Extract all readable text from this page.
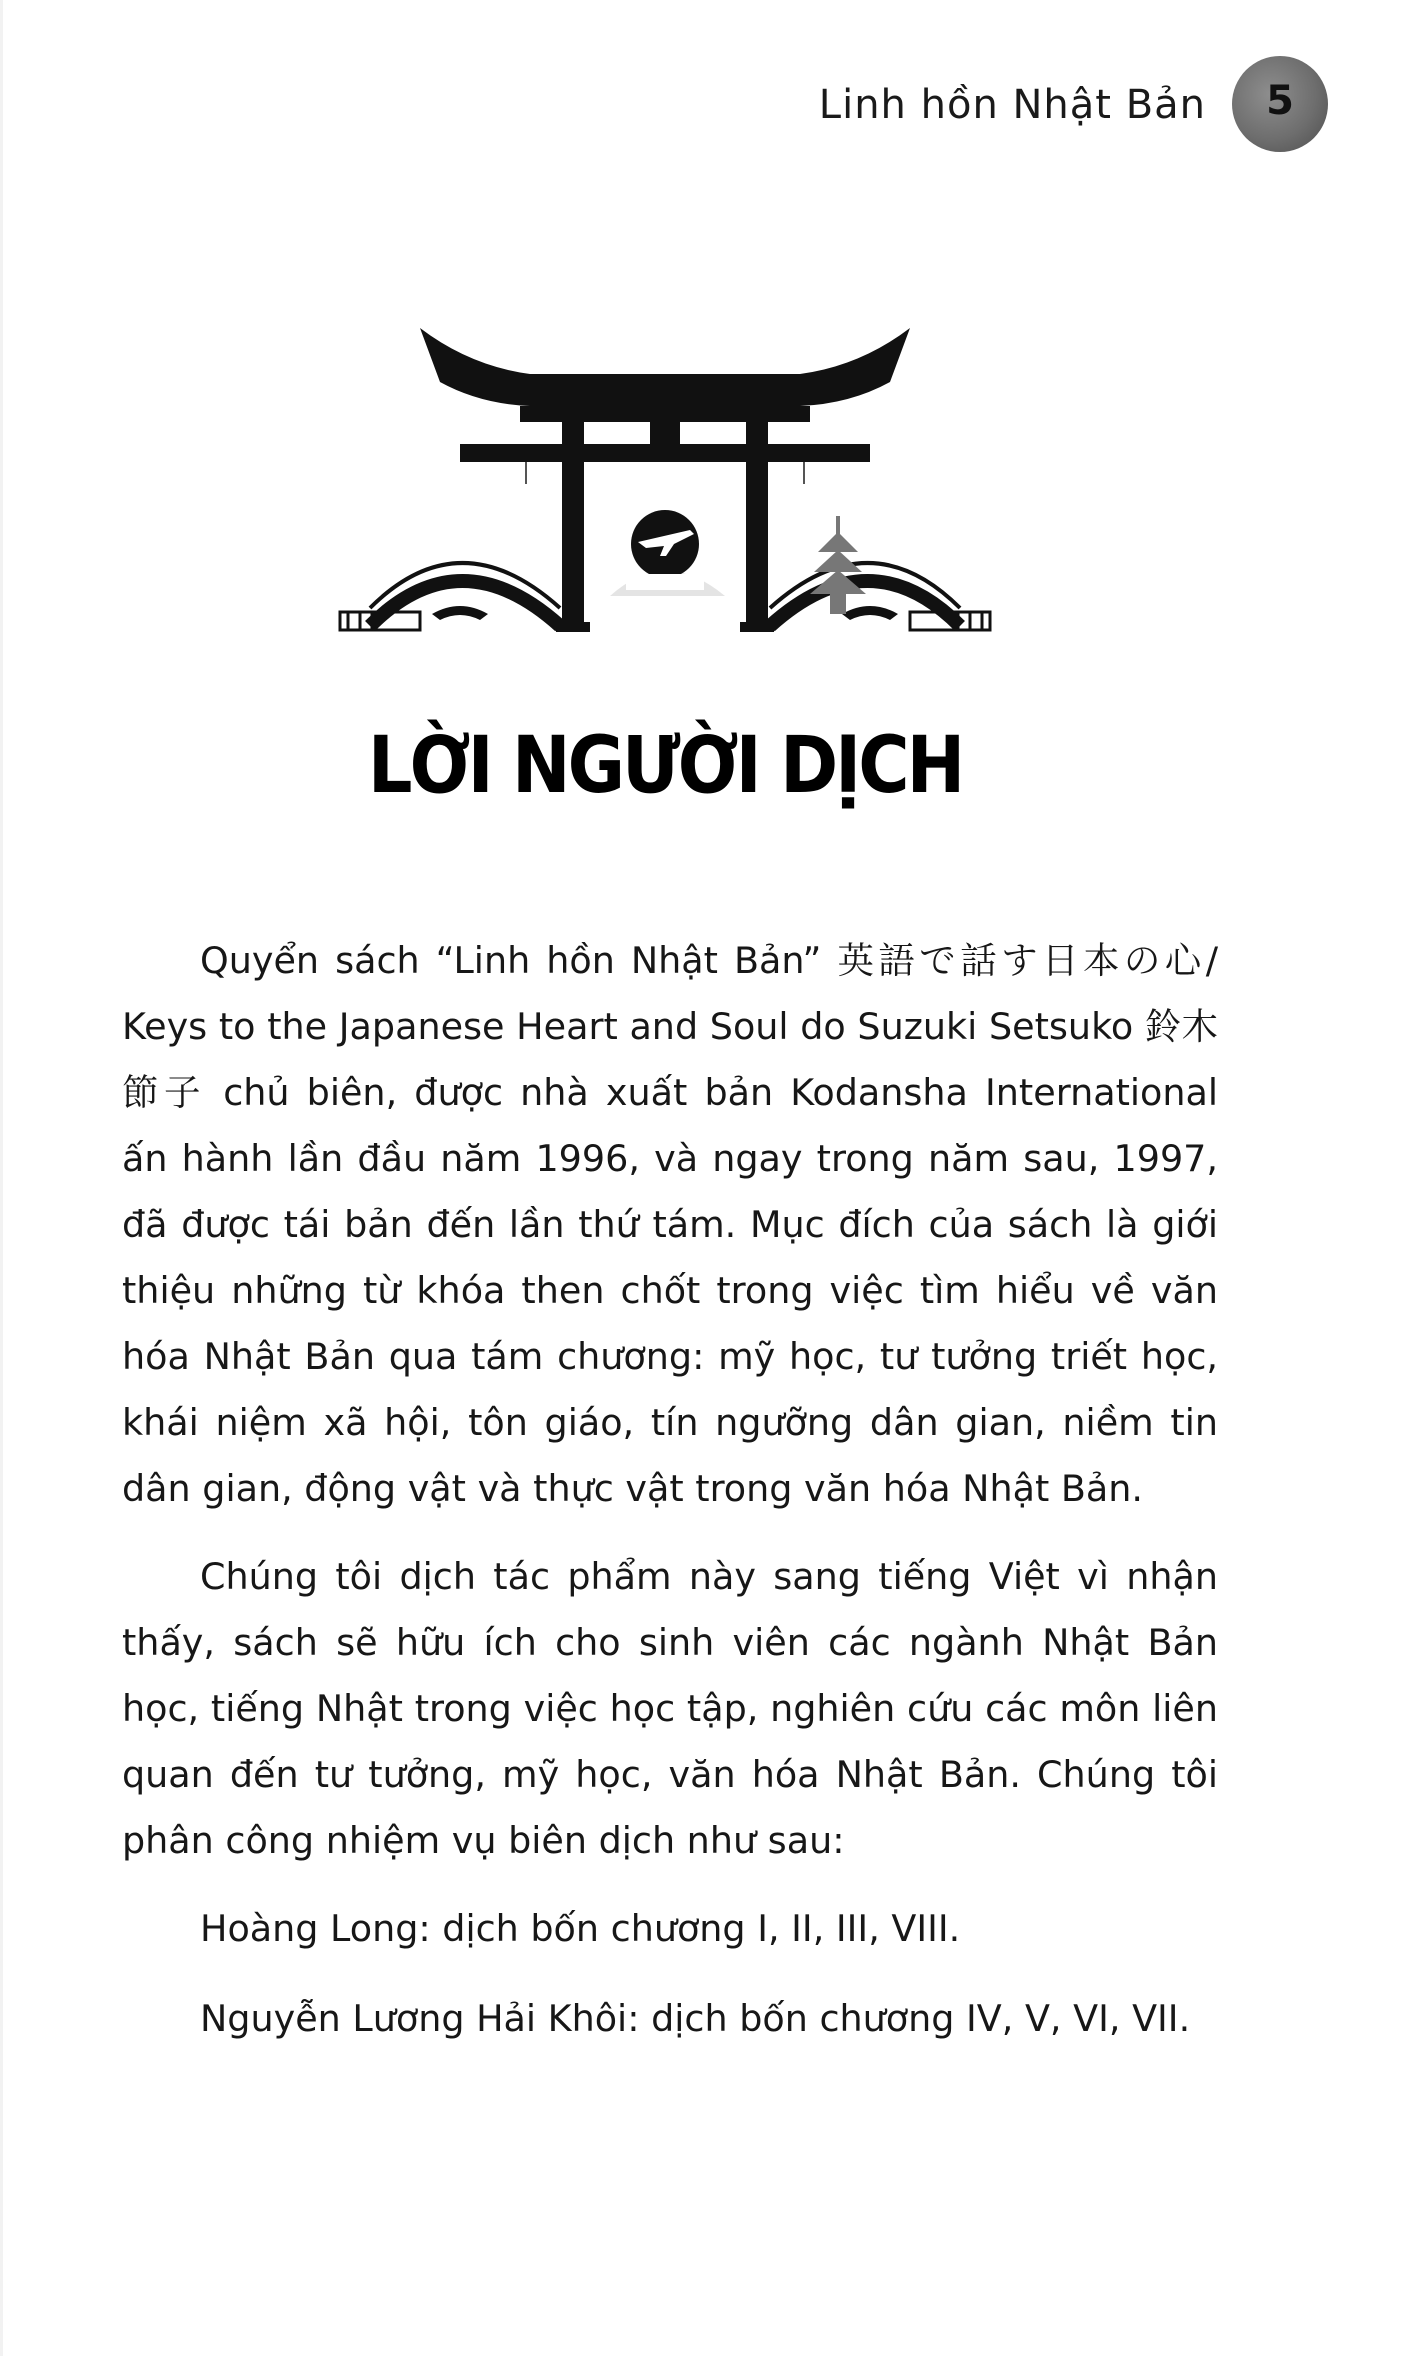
Linh hồn Nhật Bản 5
LỜI NGƯỜI DỊCH

Quyển sách “Linh hồn Nhật Bản” 英語で話す日本の心/ Keys to the Japanese Heart and Soul do Suzuki Setsuko 鈴木節子 chủ biên, được nhà xuất bản Kodansha International ấn hành lần đầu năm 1996, và ngay trong năm sau, 1997, đã được tái bản đến lần thứ tám. Mục đích của sách là giới thiệu những từ khóa then chốt trong việc tìm hiểu về văn hóa Nhật Bản qua tám chương: mỹ học, tư tưởng triết học, khái niệm xã hội, tôn giáo, tín ngưỡng dân gian, niềm tin dân gian, động vật và thực vật trong văn hóa Nhật Bản.

Chúng tôi dịch tác phẩm này sang tiếng Việt vì nhận thấy, sách sẽ hữu ích cho sinh viên các ngành Nhật Bản học, tiếng Nhật trong việc học tập, nghiên cứu các môn liên quan đến tư tưởng, mỹ học, văn hóa Nhật Bản. Chúng tôi phân công nhiệm vụ biên dịch như sau:

Hoàng Long: dịch bốn chương I, II, III, VIII.

Nguyễn Lương Hải Khôi: dịch bốn chương IV, V, VI, VII.
